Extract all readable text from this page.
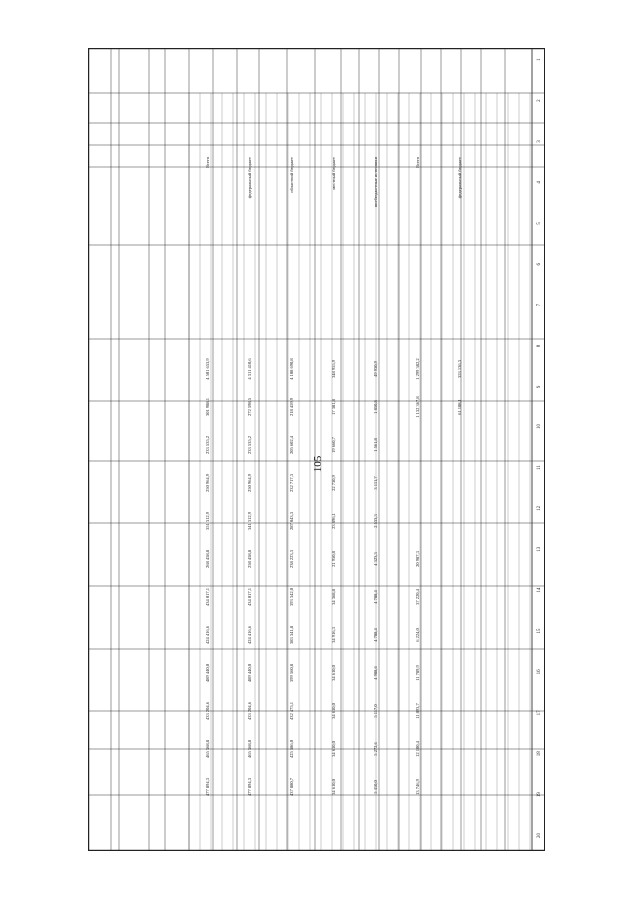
105
1
2
3
4
5
6
7
8
9
10
11
12
13
14
15
16
17
18
19
20
Всего
4 501 653,9
301 988,1
233 535,2
250 964,9
351 312,9
268 458,8
434 017,1
424 416,6
489 440,0
433 204,6
465 368,8
477 894,3
федеральный бюджет
4 311 410,6
272 598,5
233 535,2
250 964,9
341 312,9
258 458,8
434 017,1
424 416,6
489 440,0
433 204,6
465 368,8
477 894,3
областной бюджет
4 108 690,8
218 459,9
205 602,4
232 717,3
287 043,3
238 223,3
393 342,0
383 341,8
399 560,8
432 475,1
425 586,0
437 880,7
местный бюджет
348 955,9
17 381,8
19 660,7
22 730,9
23 896,1
21 950,8
34 368,8
34 916,3
34 610,0
34 610,0
34 610,0
34 610,0
внебюджетные источники
49 930,9
1 850,8
1 561,8
3 111,7
2 533,3
4 323,3
4 788,4
4 788,4
4 988,6
5 117,0
5 272,6
5 410,0
Всего
1 299 382,2
1 132 367,8
20 987,3
37 220,4
6 224,0
11 789,9
11 893,7
12 100,4
13 746,9
федеральный бюджет
353 136,3
61 108,1
